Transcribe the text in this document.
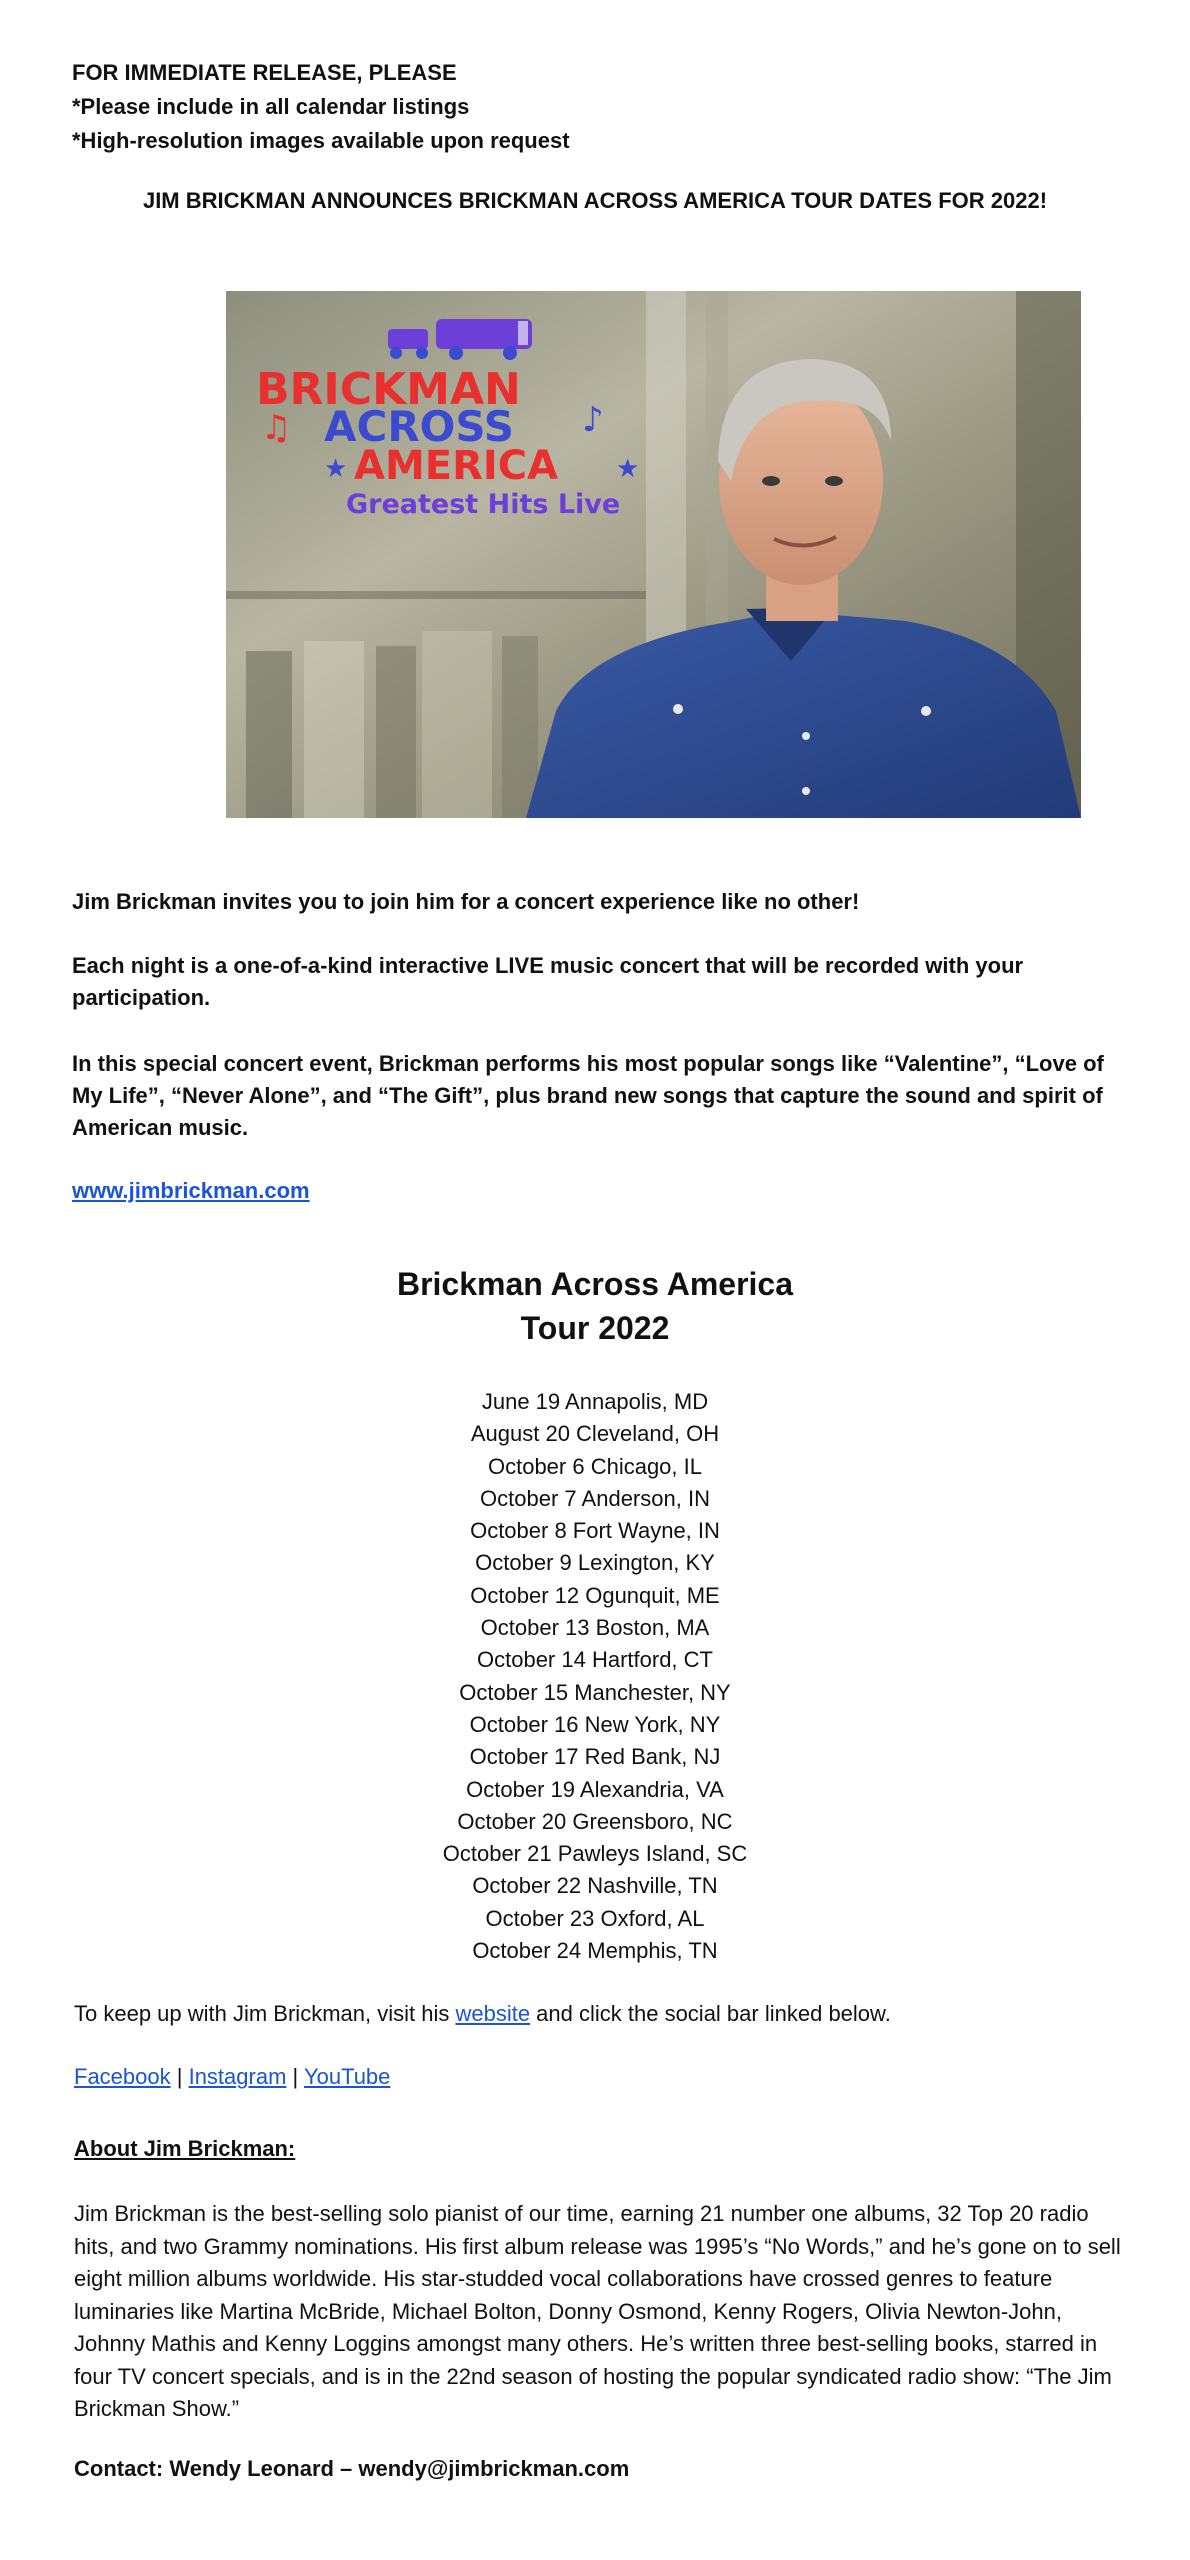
FOR IMMEDIATE RELEASE, PLEASE
*Please include in all calendar listings
*High-resolution images available upon request
JIM BRICKMAN ANNOUNCES BRICKMAN ACROSS AMERICA TOUR DATES FOR 2022!
BRICKMAN
♫ ACROSS ♪
★ AMERICA ★
Greatest Hits Live
Jim Brickman invites you to join him for a concert experience like no other!
Each night is a one-of-a-kind interactive LIVE music concert that will be recorded with your participation.
In this special concert event, Brickman performs his most popular songs like “Valentine”, “Love of My Life”, “Never Alone”, and “The Gift”, plus brand new songs that capture the sound and spirit of American music.
www.jimbrickman.com
Brickman Across America
Tour 2022
June 19 Annapolis, MD
August 20 Cleveland, OH
October 6 Chicago, IL
October 7 Anderson, IN
October 8 Fort Wayne, IN
October 9 Lexington, KY
October 12 Ogunquit, ME
October 13 Boston, MA
October 14 Hartford, CT
October 15 Manchester, NY
October 16 New York, NY
October 17 Red Bank, NJ
October 19 Alexandria, VA
October 20 Greensboro, NC
October 21 Pawleys Island, SC
October 22 Nashville, TN
October 23 Oxford, AL
October 24 Memphis, TN
To keep up with Jim Brickman, visit his website and click the social bar linked below.
Facebook | Instagram | YouTube
About Jim Brickman:
Jim Brickman is the best-selling solo pianist of our time, earning 21 number one albums, 32 Top 20 radio hits, and two Grammy nominations. His first album release was 1995’s “No Words,” and he’s gone on to sell eight million albums worldwide. His star-studded vocal collaborations have crossed genres to feature luminaries like Martina McBride, Michael Bolton, Donny Osmond, Kenny Rogers, Olivia Newton-John, Johnny Mathis and Kenny Loggins amongst many others. He’s written three best-selling books, starred in four TV concert specials, and is in the 22nd season of hosting the popular syndicated radio show: “The Jim Brickman Show.”
Contact: Wendy Leonard – wendy@jimbrickman.com
